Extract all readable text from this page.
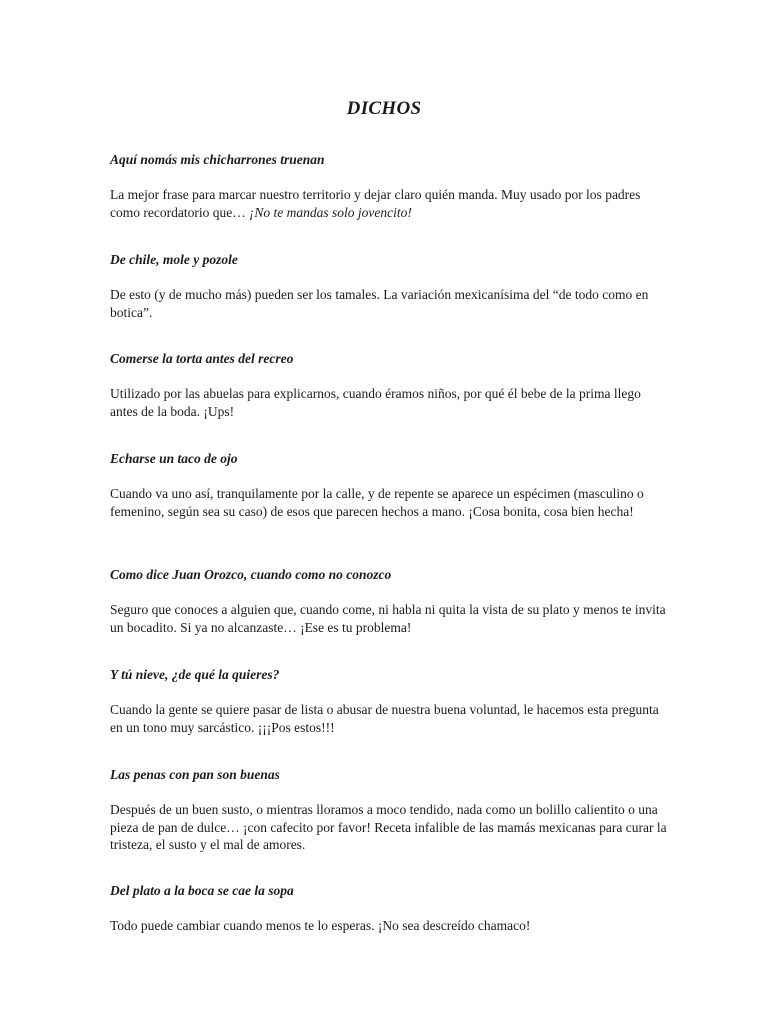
DICHOS

Aquí nomás mis chicharrones truenan

La mejor frase para marcar nuestro territorio y dejar claro quién manda. Muy usado por los padres como recordatorio que… ¡No te mandas solo jovencito!

De chile, mole y pozole

De esto (y de mucho más) pueden ser los tamales. La variación mexicanísima del “de todo como en botica”.

Comerse la torta antes del recreo

Utilizado por las abuelas para explicarnos, cuando éramos niños, por qué él bebe de la prima llego antes de la boda. ¡Ups!

Echarse un taco de ojo

Cuando va uno así, tranquilamente por la calle, y de repente se aparece un espécimen (masculino o femenino, según sea su caso) de esos que parecen hechos a mano. ¡Cosa bonita, cosa bien hecha!

Como dice Juan Orozco, cuando como no conozco

Seguro que conoces a alguien que, cuando come, ni habla ni quita la vista de su plato y menos te invita un bocadito. Si ya no alcanzaste… ¡Ese es tu problema!

Y tú nieve, ¿de qué la quieres?

Cuando la gente se quiere pasar de lista o abusar de nuestra buena voluntad, le hacemos esta pregunta en un tono muy sarcástico. ¡¡¡Pos estos!!!

Las penas con pan son buenas

Después de un buen susto, o mientras lloramos a moco tendido, nada como un bolillo calientito o una pieza de pan de dulce… ¡con cafecito por favor! Receta infalible de las mamás mexicanas para curar la tristeza, el susto y el mal de amores.

Del plato a la boca se cae la sopa

Todo puede cambiar cuando menos te lo esperas. ¡No sea descreído chamaco!
